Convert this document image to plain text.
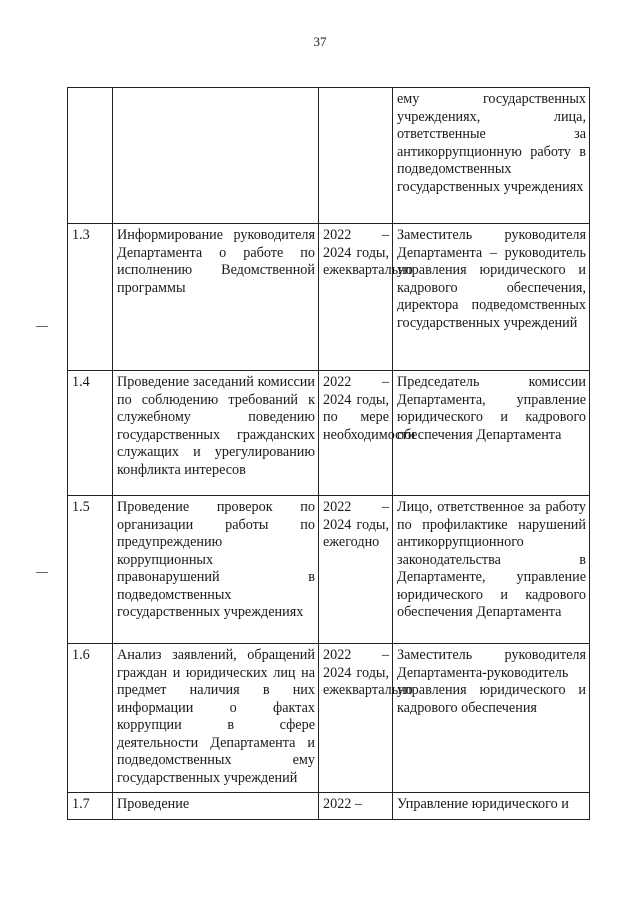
37
			ему государственных учреждениях, лица, ответственные за антикоррупционную работу в подведомственных государственных учреждениях
1.3	Информирование руководителя Департамента о работе по исполнению Ведомственной программы	2022 – 2024 годы, ежеквартально	Заместитель руководителя Департамента – руководитель управления юридического и кадрового обеспечения, директора подведомственных государственных учреждений
1.4	Проведение заседаний комиссии по соблюдению требований к служебному поведению государственных гражданских служащих и урегулированию конфликта интересов	2022 – 2024 годы, по мере необходимости	Председатель комиссии Департамента, управление юридического и кадрового обеспечения Департамента
1.5	Проведение проверок по организации работы по предупреждению коррупционных правонарушений в подведомственных государственных учреждениях	2022 – 2024 годы, ежегодно	Лицо, ответственное за работу по профилактике нарушений антикоррупционного законодательства в Департаменте, управление юридического и кадрового обеспечения Департамента
1.6	Анализ заявлений, обращений граждан и юридических лиц на предмет наличия в них информации о фактах коррупции в сфере деятельности Департамента и подведомственных ему государственных учреждений	2022 – 2024 годы, ежеквартально	Заместитель руководителя Департамента-руководитель управления юридического и кадрового обеспечения
1.7	Проведение	2022 –	Управление юридического и
